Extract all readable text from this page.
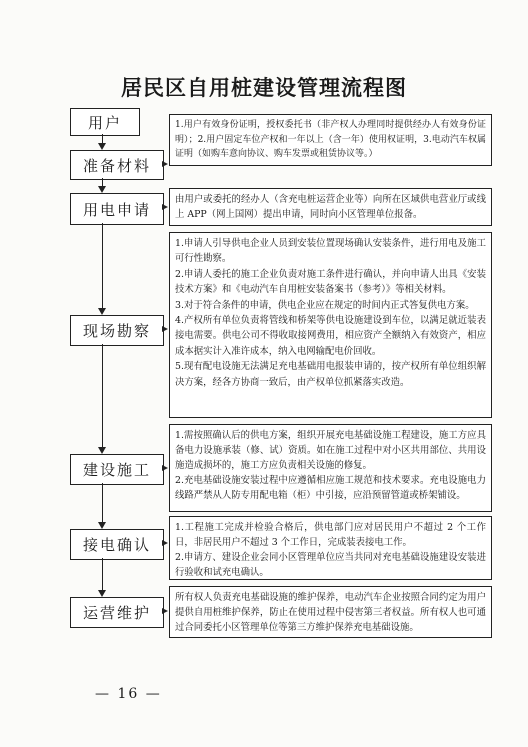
居民区自用桩建设管理流程图
用户
准备材料
用电申请
现场勘察
建设施工
接电确认
运营维护

1.用户有效身份证明，授权委托书（非产权人办理同时提供经办人有效身份证明）；2.用户固定车位产权和一年以上（含一年）使用权证明，3.电动汽车权属证明（如购车意向协议、购车发票或租赁协议等。）

由用户或委托的经办人（含充电桩运营企业等）向所在区域供电营业厅或线上 APP（网上国网）提出申请，同时向小区管理单位报备。

1.申请人引导供电企业人员到安装位置现场确认安装条件，进行用电及施工可行性勘察。

2.申请人委托的施工企业负责对施工条件进行确认，并向申请人出具《安装技术方案》和《电动汽车自用桩安装备案书（参考）》等相关材料。

3.对于符合条件的申请，供电企业应在规定的时间内正式答复供电方案。

4.产权所有单位负责将管线和桥架等供电设施建设到车位，以满足就近装表接电需要。供电公司不得收取接网费用，相应资产全额纳入有效资产，相应成本据实计入准许成本，纳入电网输配电价回收。

5.现有配电设施无法满足充电基础用电报装申请的，按产权所有单位组织解决方案，经各方协商一致后，由产权单位抓紧落实改造。

1.需按照确认后的供电方案，组织开展充电基础设施工程建设，施工方应具备电力设施承装（修、试）资质。如在施工过程中对小区共用部位、共用设施造成损坏的，施工方应负责相关设施的修复。

2.充电基础设施安装过程中应遵循相应施工规范和技术要求。充电设施电力线路严禁从人防专用配电箱（柜）中引接，应沿预留管道或桥架铺设。

1.工程施工完成并检验合格后，供电部门应对居民用户不超过 2 个工作日，非居民用户不超过 3 个工作日，完成装表接电工作。

2.申请方、建设企业会同小区管理单位应当共同对充电基础设施建设安装进行验收和试充电确认。

所有权人负责充电基础设施的维护保养，电动汽车企业按照合同约定为用户提供自用桩维护保养，防止在使用过程中侵害第三者权益。所有权人也可通过合同委托小区管理单位等第三方维护保养充电基础设施。

— 16 —
